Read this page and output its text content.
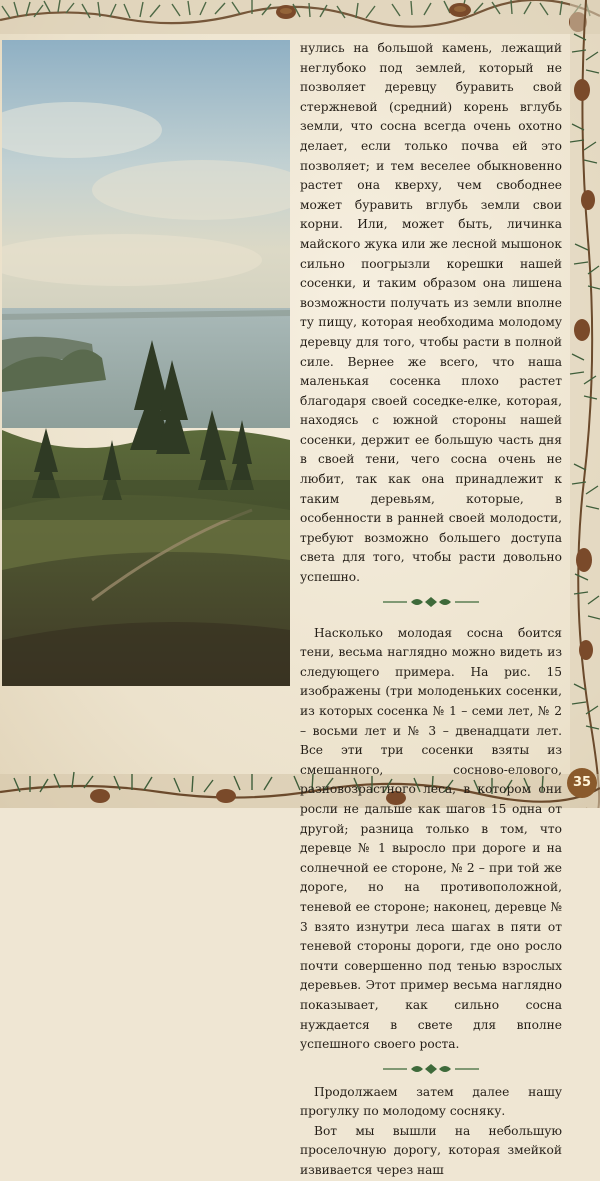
нулись на большой камень, лежащий неглубоко под землей, который не позволяет деревцу буравить свой стержневой (средний) корень вглубь земли, что сосна всегда очень охотно делает, если только почва ей это позволяет; и тем веселее обыкновенно растет она кверху, чем свободнее может буравить вглубь земли свои корни. Или, может быть, личинка майского жука или же лесной мышонок сильно поогрызли корешки нашей сосенки, и таким образом она лишена возможности получать из земли вполне ту пищу, которая необходима молодому деревцу для того, чтобы расти в полной силе. Вернее же всего, что наша маленькая сосенка плохо растет благодаря своей соседке-елке, которая, находясь с южной стороны нашей сосенки, держит ее большую часть дня в своей тени, чего сосна очень не любит, так как она принадлежит к таким деревьям, которые, в особенности в ранней своей молодости, требуют возможно большего доступа света для того, чтобы расти довольно успешно.

Насколько молодая сосна боится тени, весьма наглядно можно видеть из следующего примера. На рис. 15 изображены (три молоденьких сосенки, из которых сосенка № 1 – семи лет, № 2 – восьми лет и № 3 – двенадцати лет. Все эти три сосенки взяты из смешанного, сосново-елового, разновозрастного леса, в котором они росли не дальше как шагов 15 одна от другой; разница только в том, что деревце № 1 выросло при дороге и на солнечной ее стороне, № 2 – при той же дороге, но на противоположной, теневой ее стороне; наконец, деревце № 3 взято изнутри леса шагах в пяти от теневой стороны дороги, где оно росло почти совершенно под тенью взрослых деревьев. Этот пример весьма наглядно показывает, как сильно сосна нуждается в свете для вполне успешного своего роста.

Продолжаем затем далее нашу прогулку по молодому сосняку.

Вот мы вышли на небольшую проселочную дорогу, которая змейкой извивается через наш

35
